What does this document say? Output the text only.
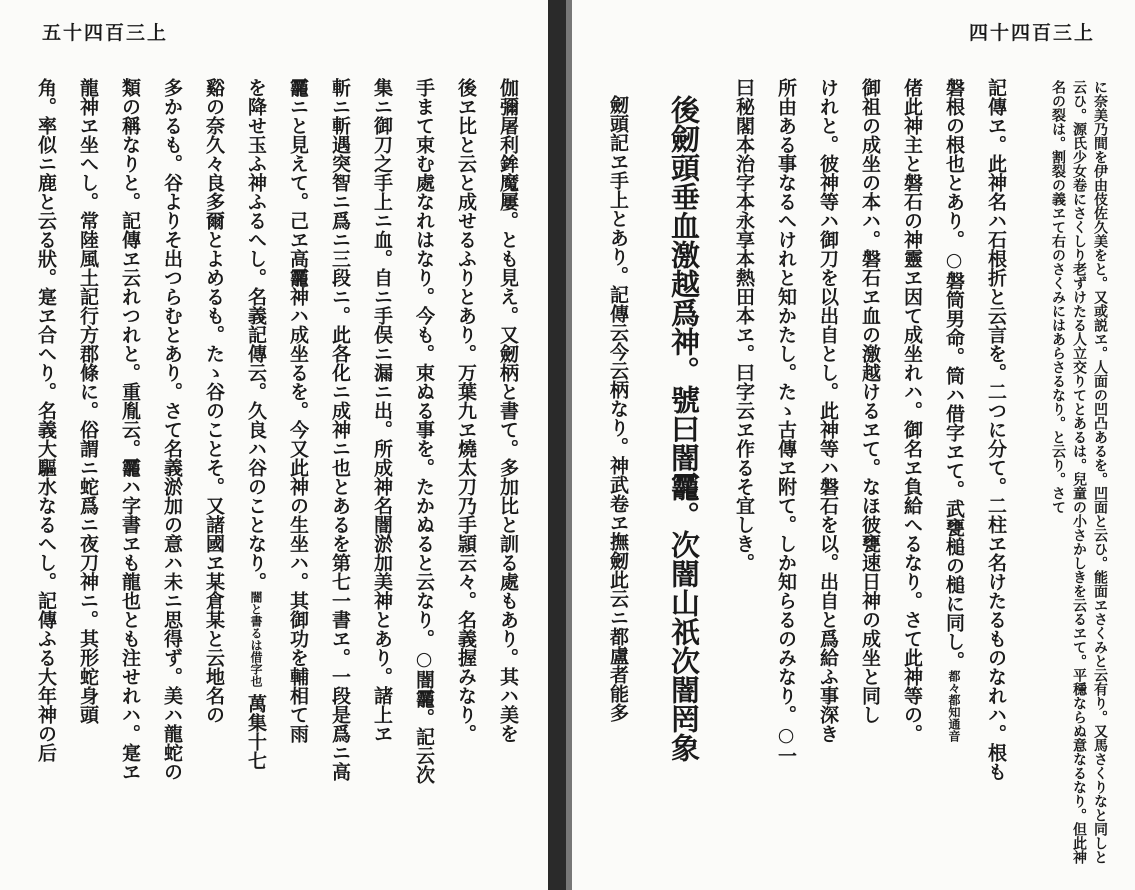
五十四百三上
伽彌屠利鉾魔屢。とも見え。又劒柄と書て。多加比と訓る處もあり。其ハ美を
後ヱ比と云と成せるふりとあり。万葉九ヱ燒太刀乃手頴云々。名義握みなり。
手まて束む處なれはなり。今も。束ぬる事を。たかぬると云なり。○闇龗。記云次
集ニ御刀之手上ニ血。自ニ手俣ニ漏ニ出。所成神名闇淤加美神とあり。諸上ヱ
斬ニ斬遇突智ニ爲ニ三段ニ。此各化ニ成神ニ也とあるを第七一書ヱ。一段是爲ニ高
龗ニと見えて。己ヱ高龗神ハ成坐るを。今又此神の生坐ハ。其御功を輔相て雨
を降せ玉ふ神ふるへし。名義記傳云。久良ハ谷のことなり。闇と書るは借字也 萬集十七
谿の奈久々良多爾とよめるも。たゝ谷のことそ。又諸國ヱ某倉某と云地名の
多かるも。谷よりそ出つらむとあり。さて名義淤加の意ハ未ニ思得ず。美ハ龍蛇の
類の稱なりと。記傳ヱ云れつれと。重胤云。龗ハ字書ヱも龍也とも注せれハ。寔ヱ
龍神ヱ坐へし。常陸風土記行方郡條に。俗謂ニ蛇爲ニ夜刀神ニ。其形蛇身頭
角。率似ニ鹿と云る狀。寔ヱ合へり。名義大驅水なるへし。記傳ふる大年神の后
四十四百三上
に奈美乃間を伊由伎佐久美をと。又或説ヱ。人面の凹凸あるを。凹面と云ひ。能面ヱさくみと云有り。又馬さくりなと同しと云ひ。源氏少女卷にさくしり老ずけたる人立交りてとあるは。兒童の小さかしきを云るヱて。平穩ならぬ意なるなり。但此神名の裂は。割裂の義ヱて右のさくみにはあらさるなり。と云り。さて
記傳ヱ。此神名ハ石根折と云言を。二つに分て。二柱ヱ名けたるものなれハ。根も
磐根の根也とあり。○磐筒男命。筒ハ借字ヱて。武甕槌の槌に同し。都々都知通音
偖此神主と磐石の神靈ヱ因て成坐れハ。御名ヱ負給へるなり。さて此神等の。
御祖の成坐の本ハ。磐石ヱ血の激越けるヱて。なほ彼甕速日神の成坐と同し
けれと。彼神等ハ御刀を以出自とし。此神等ハ磐石を以。出自と爲給ふ事深き
所由ある事なるへけれと知かたし。たゝ古傳ヱ附て。しか知らるのみなり。○一
曰秘閣本治字本永享本熱田本ヱ。曰字云ヱ作るそ宜しき。
後劒頭垂血激越爲神。號曰闇龗。次闇山祇次闇罔象
劒頭記ヱ手上とあり。記傳云今云柄なり。神武卷ヱ撫劒此云ニ都盧者能多
